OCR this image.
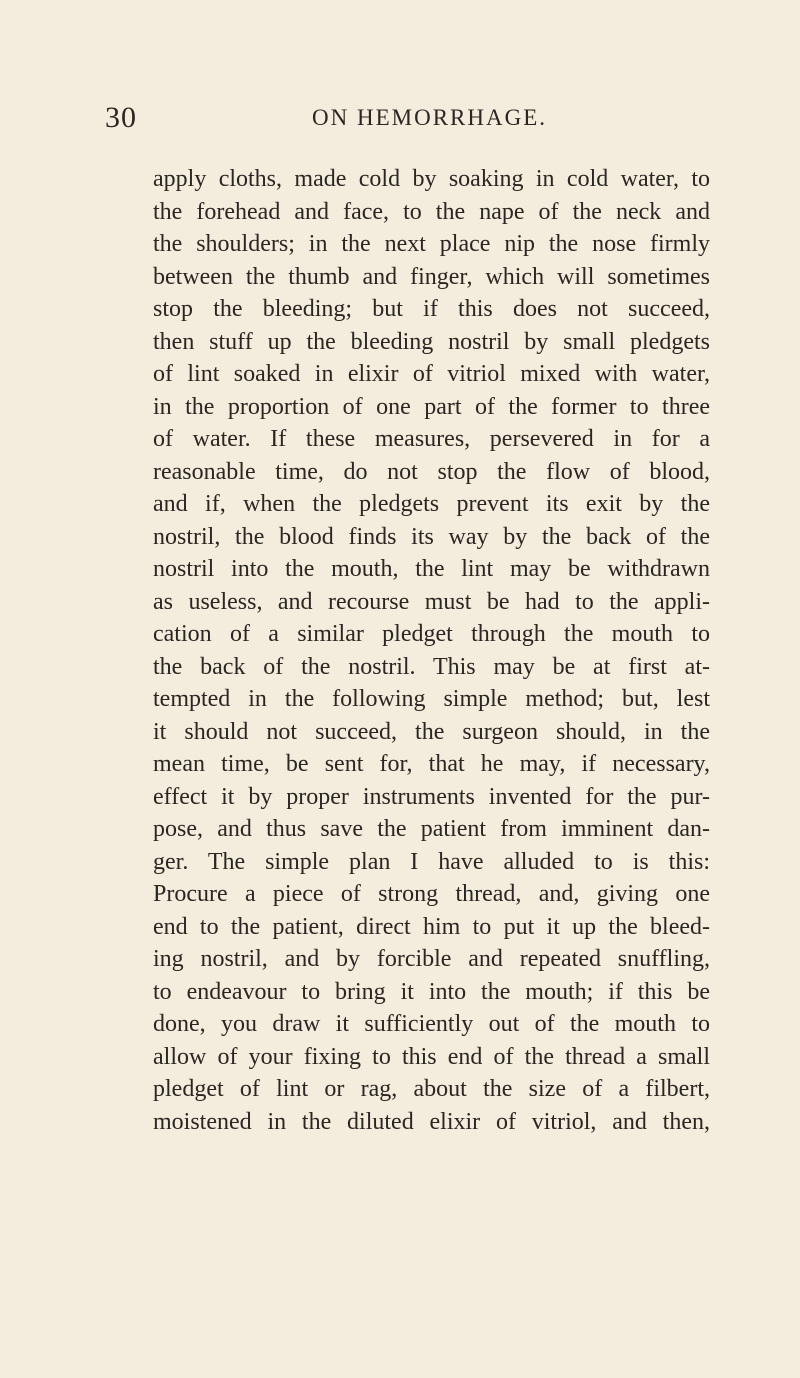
30	ON HEMORRHAGE.
apply cloths, made cold by soaking in cold water, to
the forehead and face, to the nape of the neck and
the shoulders; in the next place nip the nose firmly
between the thumb and finger, which will sometimes
stop the bleeding; but if this does not succeed,
then stuff up the bleeding nostril by small pledgets
of lint soaked in elixir of vitriol mixed with water,
in the proportion of one part of the former to three
of water. If these measures, persevered in for a
reasonable time, do not stop the flow of blood,
and if, when the pledgets prevent its exit by the
nostril, the blood finds its way by the back of the
nostril into the mouth, the lint may be withdrawn
as useless, and recourse must be had to the appli-
cation of a similar pledget through the mouth to
the back of the nostril. This may be at first at-
tempted in the following simple method; but, lest
it should not succeed, the surgeon should, in the
mean time, be sent for, that he may, if necessary,
effect it by proper instruments invented for the pur-
pose, and thus save the patient from imminent dan-
ger. The simple plan I have alluded to is this:
Procure a piece of strong thread, and, giving one
end to the patient, direct him to put it up the bleed-
ing nostril, and by forcible and repeated snuffling,
to endeavour to bring it into the mouth; if this be
done, you draw it sufficiently out of the mouth to
allow of your fixing to this end of the thread a small
pledget of lint or rag, about the size of a filbert,
moistened in the diluted elixir of vitriol, and then,
